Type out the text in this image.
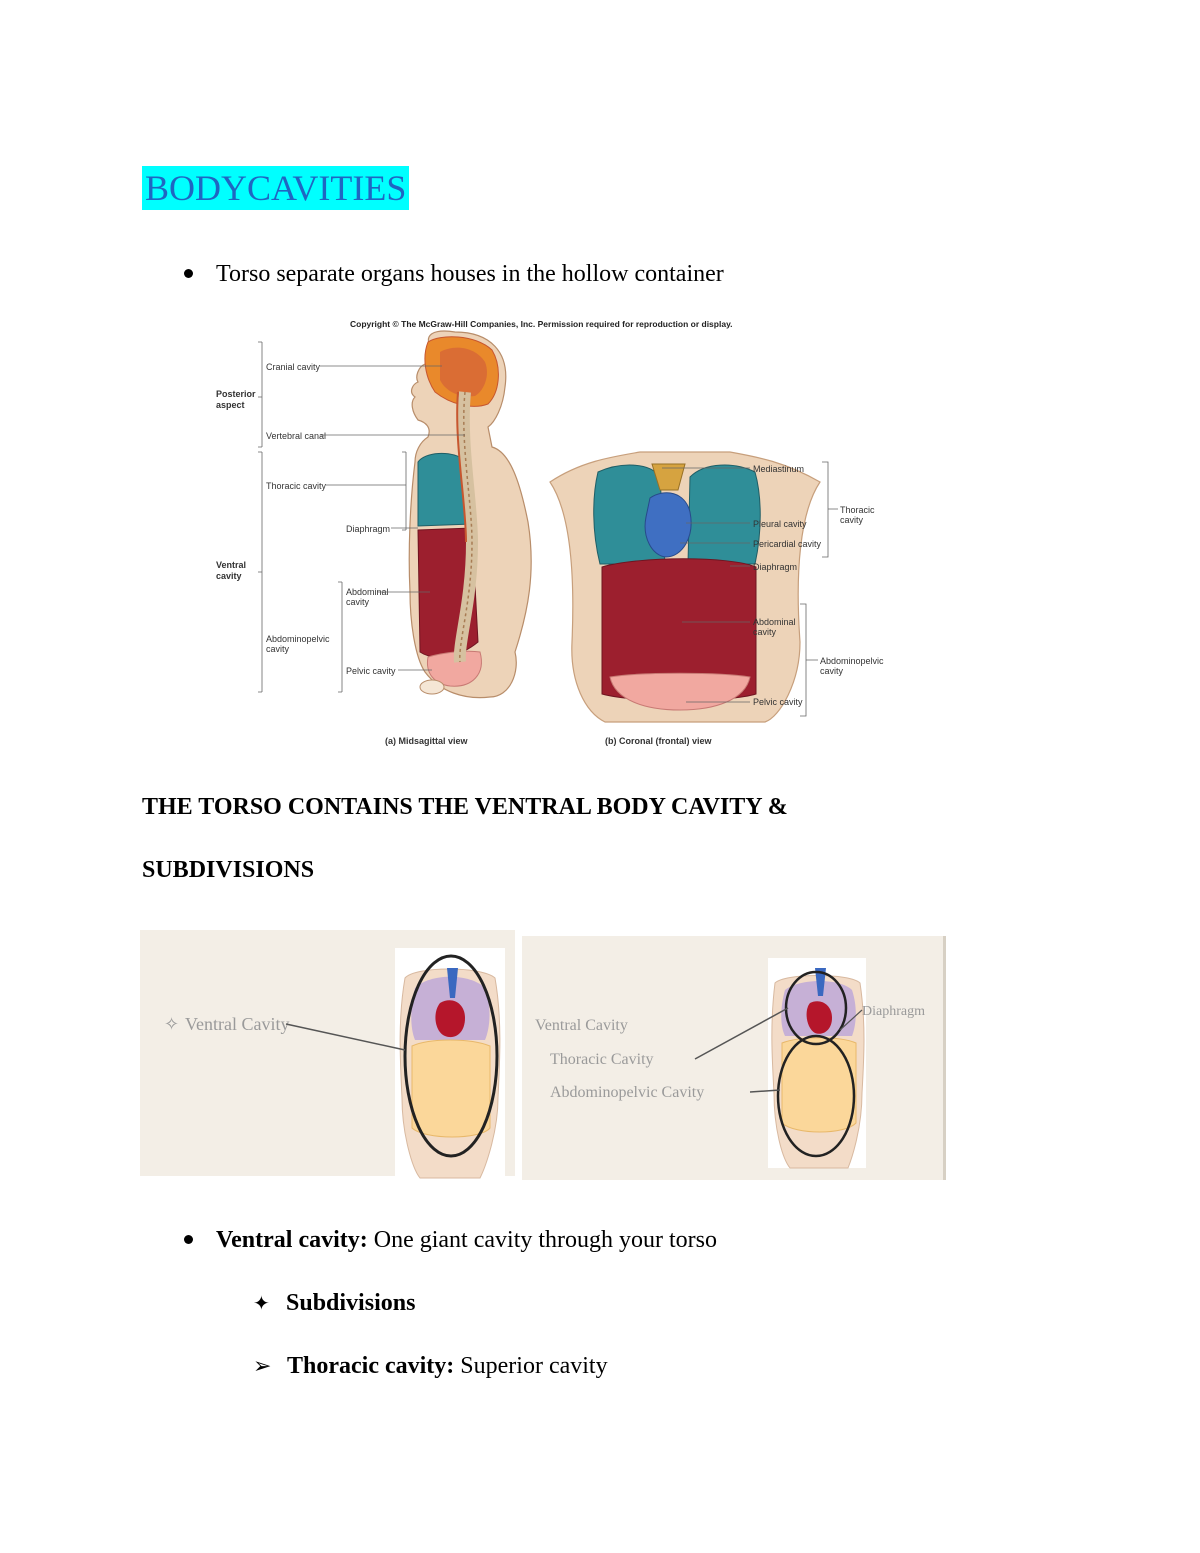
BODYCAVITIES
Torso separate organs houses in the hollow container
Copyright © The McGraw-Hill Companies, Inc. Permission required for reproduction or display.
Posterior
aspect
Ventral
cavity
Cranial cavity
Vertebral canal
Thoracic cavity
Diaphragm
Abdominal
cavity
Abdominopelvic
cavity
Pelvic cavity
Mediastinum
Pleural cavity
Pericardial cavity
Diaphragm
Thoracic
cavity
Abdominal
cavity
Abdominopelvic
cavity
Pelvic cavity
(a) Midsagittal view	(b) Coronal (frontal) view
THE TORSO CONTAINS THE VENTRAL BODY CAVITY &
SUBDIVISIONS
✧ Ventral Cavity	Ventral Cavity
Thoracic Cavity
Abdominopelvic Cavity
Diaphragm
Ventral cavity: One giant cavity through your torso
✦ Subdivisions
➢ Thoracic cavity: Superior cavity
